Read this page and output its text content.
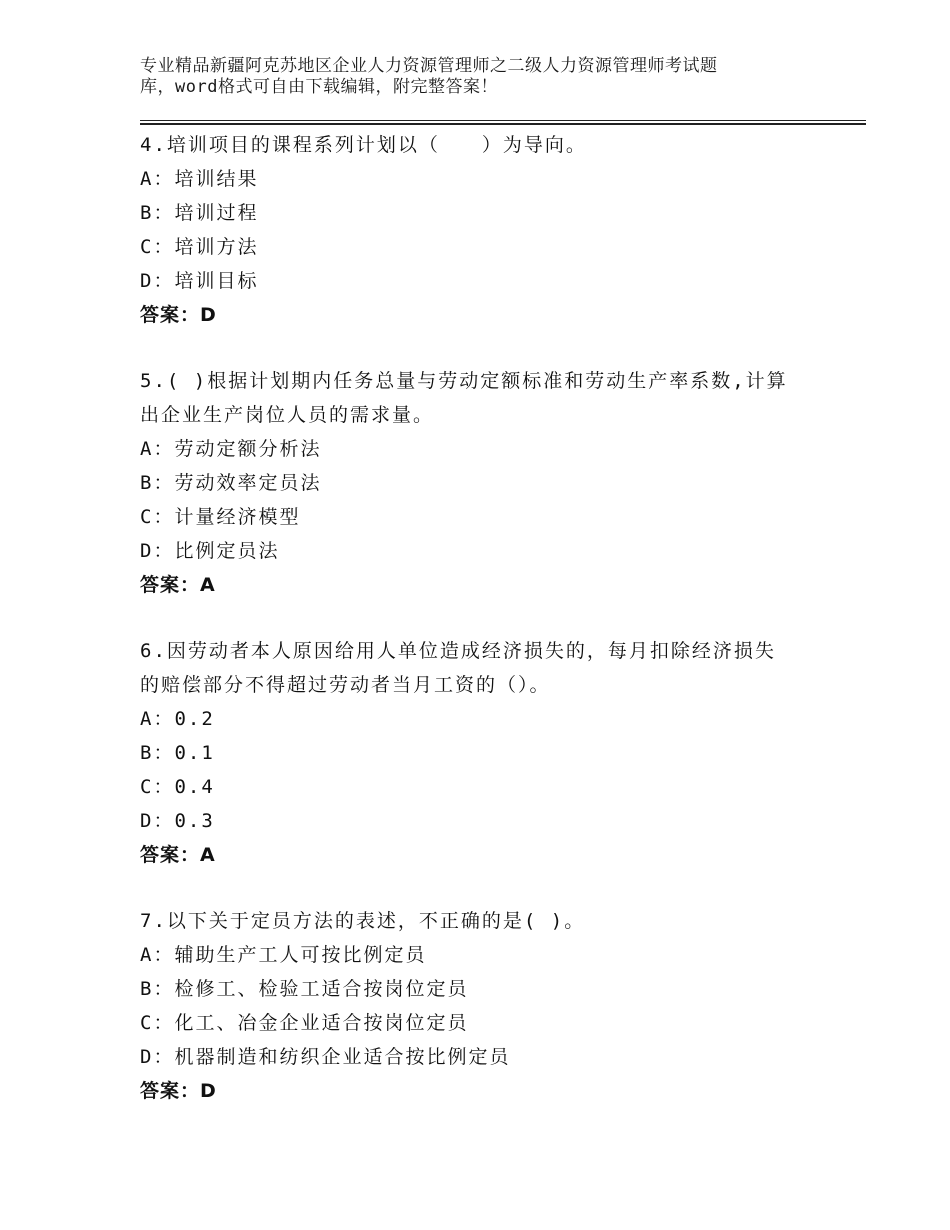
专业精品新疆阿克苏地区企业人力资源管理师之二级人力资源管理师考试题
库，word格式可自由下载编辑，附完整答案！
4.培训项目的课程系列计划以（　　）为导向。
A：培训结果
B：培训过程
C：培训方法
D：培训目标
答案：D
5.( )根据计划期内任务总量与劳动定额标准和劳动生产率系数,计算
出企业生产岗位人员的需求量。
A：劳动定额分析法
B：劳动效率定员法
C：计量经济模型
D：比例定员法
答案：A
6.因劳动者本人原因给用人单位造成经济损失的，每月扣除经济损失
的赔偿部分不得超过劳动者当月工资的（）。
A：0.2
B：0.1
C：0.4
D：0.3
答案：A
7.以下关于定员方法的表述，不正确的是( )。
A：辅助生产工人可按比例定员
B：检修工、检验工适合按岗位定员
C：化工、冶金企业适合按岗位定员
D：机器制造和纺织企业适合按比例定员
答案：D
